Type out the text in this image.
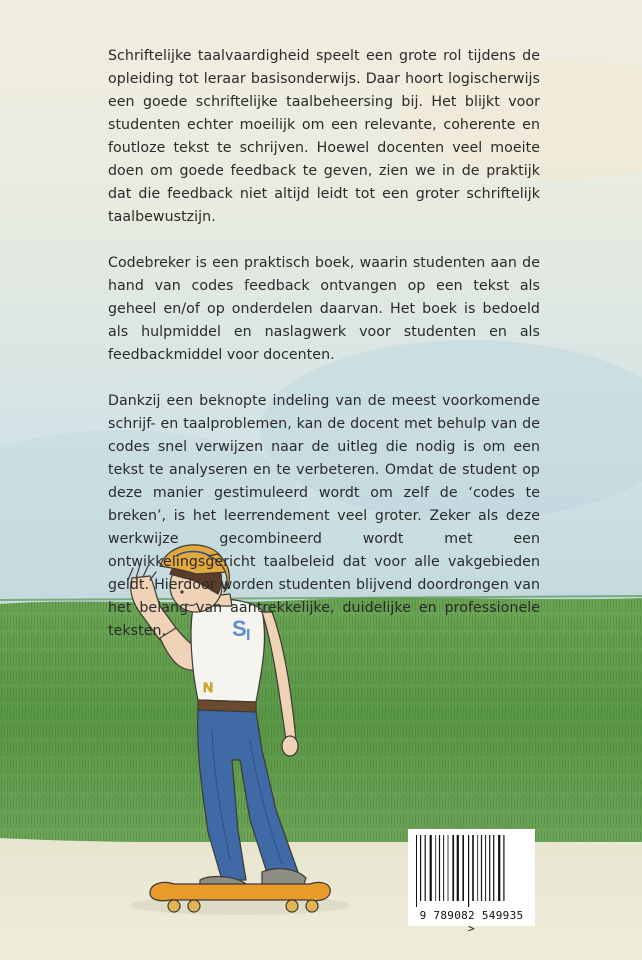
S I
N

Schriftelijke taalvaardigheid speelt een grote rol tijdens de opleiding tot leraar basisonderwijs. Daar hoort logischerwijs een goede schriftelijke taalbeheersing bij. Het blijkt voor studenten echter moeilijk om een relevante, coherente en foutloze tekst te schrijven. Hoewel docenten veel moeite doen om goede feedback te geven, zien we in de praktijk dat die feedback niet altijd leidt tot een groter schriftelijk taalbewustzijn.

Codebreker is een praktisch boek, waarin studenten aan de hand van codes feedback ontvangen op een tekst als geheel en/of op onderdelen daarvan. Het boek is bedoeld als hulpmiddel en naslagwerk voor studenten en als feedbackmiddel voor docenten.

Dankzij een beknopte indeling van de meest voorkomende schrijf- en taalproblemen, kan de docent met behulp van de codes snel verwijzen naar de uitleg die nodig is om een tekst te analyseren en te verbeteren. Omdat de student op deze manier gestimuleerd wordt om zelf de ‘codes te breken’, is het leerrendement veel groter. Zeker als deze werkwijze gecombineerd wordt met een ontwikkelingsgericht taalbeleid dat voor alle vakgebieden geldt. Hierdoor worden studenten blijvend doordrongen van het belang van aantrekkelijke, duidelijke en professionele teksten.

9 789082 549935 >
